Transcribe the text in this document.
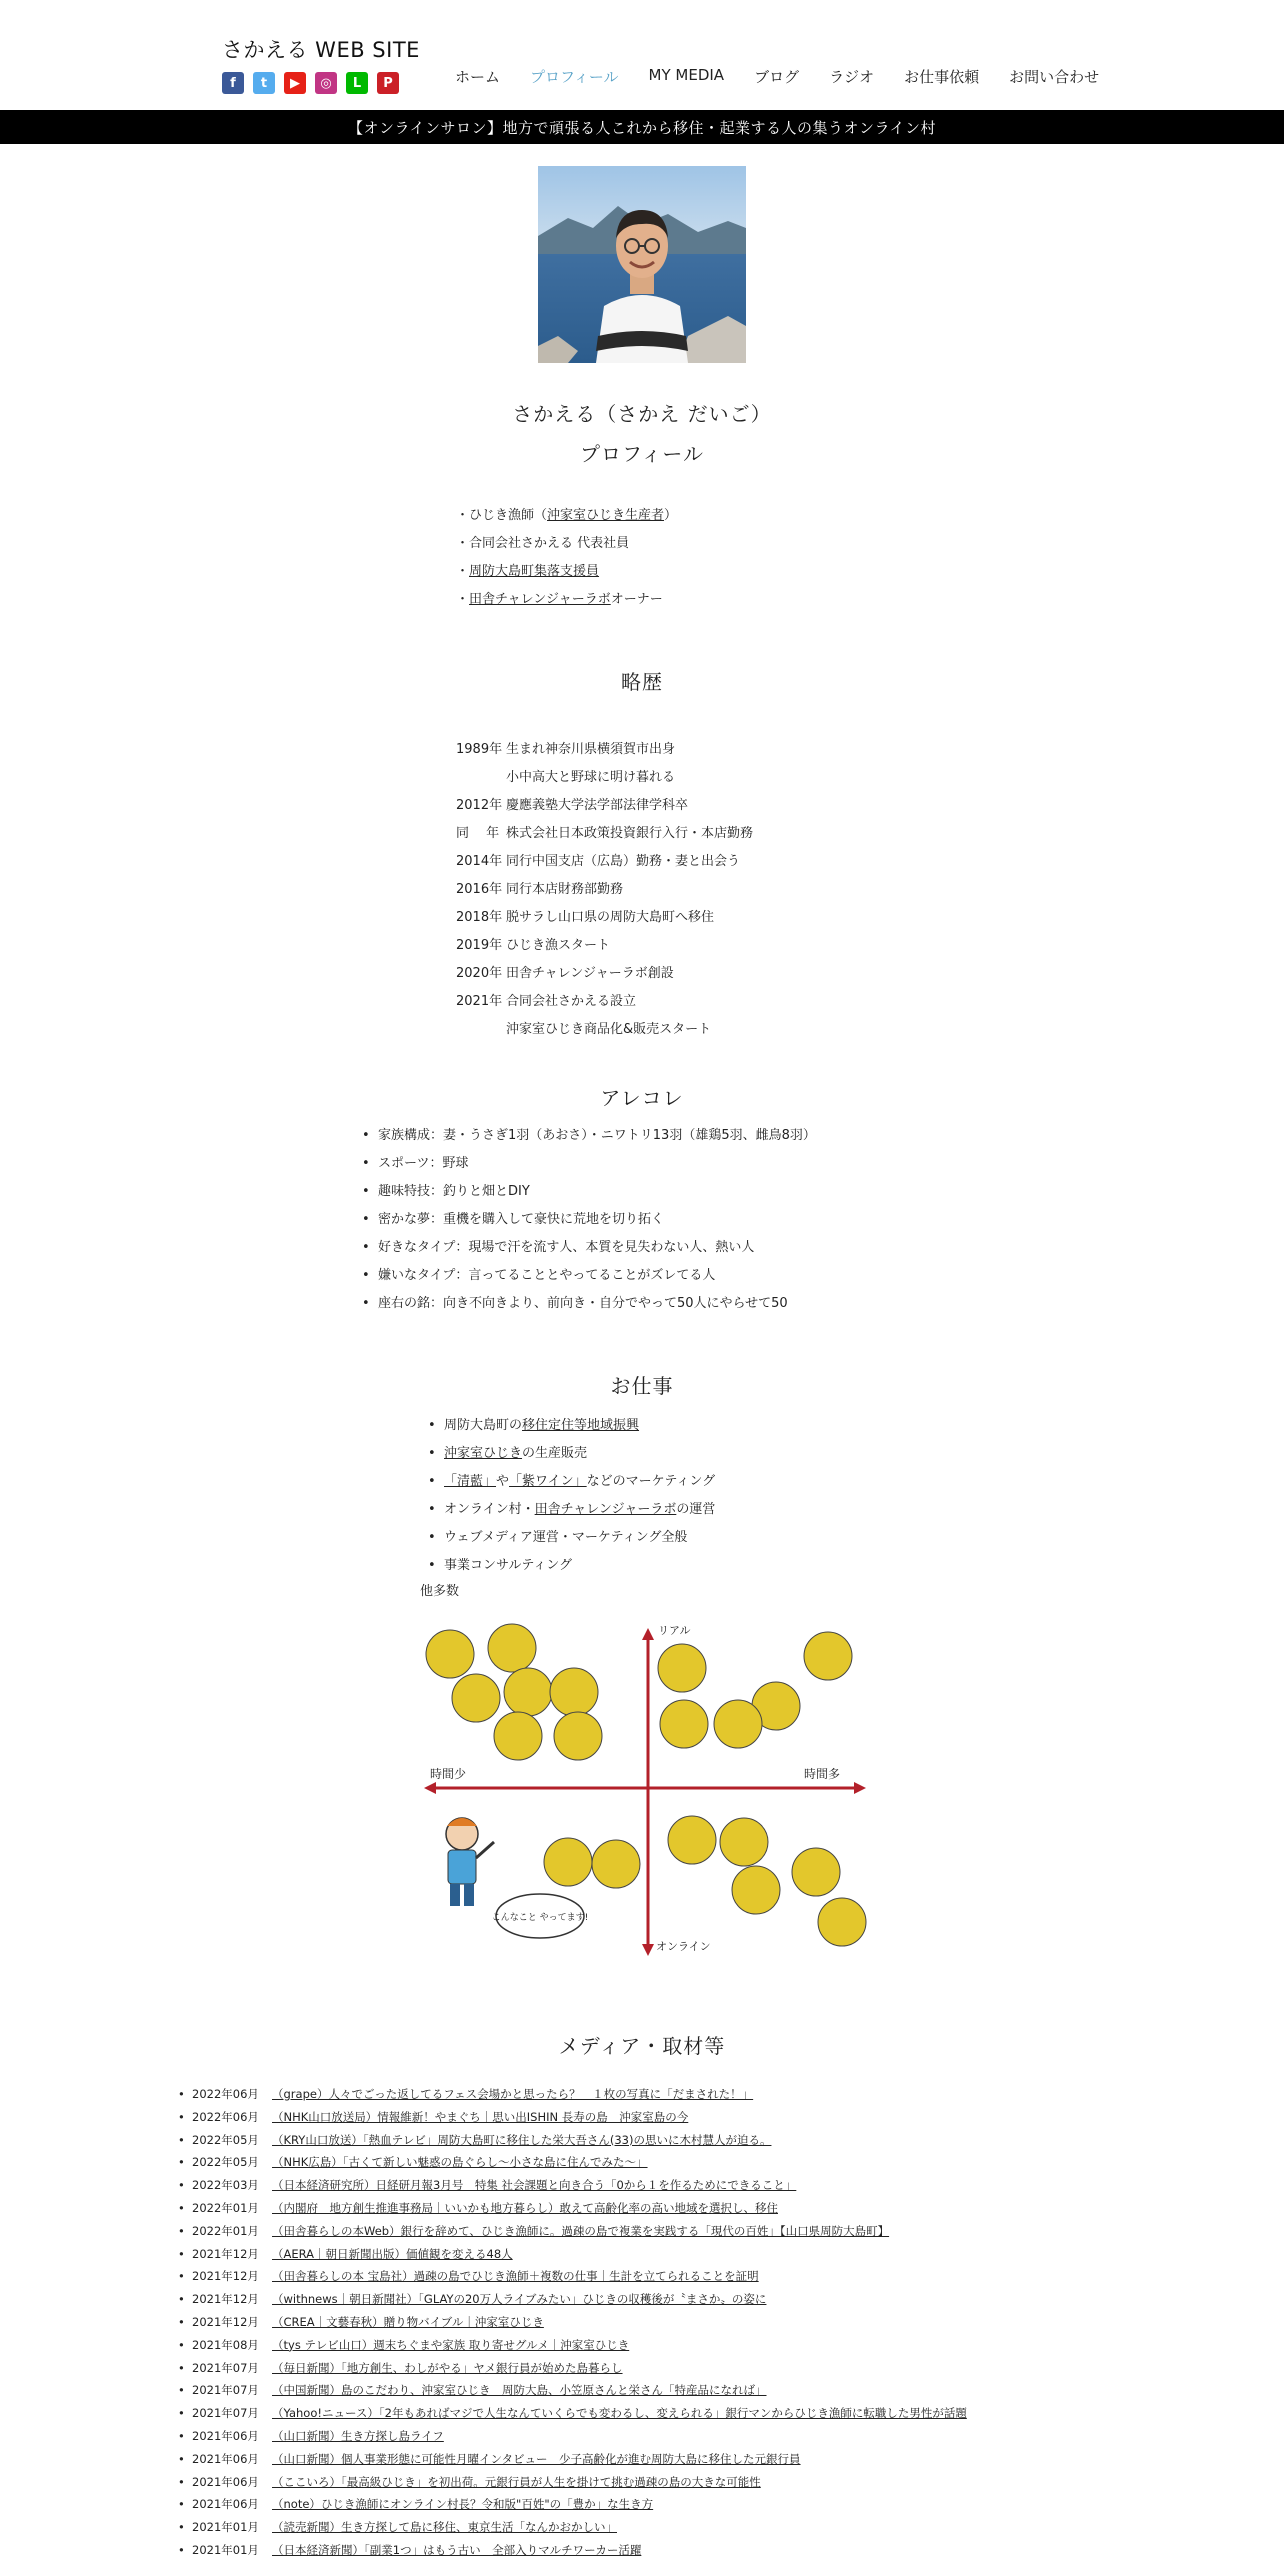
さかえる WEB SITE
f	t	▶	◎	L	P	ホーム プロフィール MY MEDIA ブログ ラジオ お仕事依頼 お問い合わせ
【オンラインサロン】地方で頑張る人これから移住・起業する人の集うオンライン村
さかえる（さかえ だいご）
プロフィール
・ひじき漁師（沖家室ひじき生産者）
・合同会社さかえる 代表社員
・周防大島町集落支援員
・田舎チャレンジャーラボオーナー
略歴
1989年 生まれ神奈川県横須賀市出身
小中高大と野球に明け暮れる
2012年 慶應義塾大学法学部法律学科卒
同　 年 株式会社日本政策投資銀行入行・本店勤務
2014年 同行中国支店（広島）勤務・妻と出会う
2016年 同行本店財務部勤務
2018年 脱サラし山口県の周防大島町へ移住
2019年 ひじき漁スタート
2020年 田舎チャレンジャーラボ創設
2021年 合同会社さかえる設立
沖家室ひじき商品化&販売スタート
アレコレ
• 家族構成：妻・うさぎ1羽（あおさ）・ニワトリ13羽（雄鶏5羽、雌鳥8羽）
• スポーツ：野球
• 趣味特技：釣りと畑とDIY
• 密かな夢：重機を購入して豪快に荒地を切り拓く
• 好きなタイプ：現場で汗を流す人、本質を見失わない人、熱い人
• 嫌いなタイプ：言ってることとやってることがズレてる人
• 座右の銘：向き不向きより、前向き・自分でやって50人にやらせて50
お仕事
• 周防大島町の移住定住等地域振興
• 沖家室ひじきの生産販売
• 「清藍」や「紫ワイン」などのマーケティング
• オンライン村・田舎チャレンジャーラボの運営
• ウェブメディア運営・マーケティング全般
• 事業コンサルティング
他多数
リアル
オンライン
時間少	時間多
こんなこと やってます!
メディア・取材等
• 2022年06月 （grape）人々でごった返してるフェス会場かと思ったら？　１枚の写真に「だまされた！」
• 2022年06月 （NHK山口放送局）情報維新！やまぐち｜思い出ISHIN 長寿の島　沖家室島の今
• 2022年05月 （KRY山口放送）「熱血テレビ」周防大島町に移住した栄大吾さん(33)の思いに木村慧人が迫る。
• 2022年05月 （NHK広島）「古くて新しい魅惑の島ぐらし〜小さな島に住んでみた〜」
• 2022年03月 （日本経済研究所）日経研月報3月号　特集 社会課題と向き合う「0から１を作るためにできること」
• 2022年01月 （内閣府　地方創生推進事務局｜いいかも地方暮らし）敢えて高齢化率の高い地域を選択し、移住
• 2022年01月 （田舎暮らしの本Web）銀行を辞めて、ひじき漁師に。過疎の島で複業を実践する「現代の百姓」【山口県周防大島町】
• 2021年12月 （AERA｜朝日新聞出版）価値観を変える48人
• 2021年12月 （田舎暮らしの本 宝島社）過疎の島でひじき漁師＋複数の仕事｜生計を立てられることを証明
• 2021年12月 （withnews｜朝日新聞社）「GLAYの20万人ライブみたい」ひじきの収穫後が〝まさか〟の姿に
• 2021年12月 （CREA｜文藝春秋）贈り物バイブル｜沖家室ひじき
• 2021年08月 （tys テレビ山口）週末ちぐまや家族 取り寄せグルメ｜沖家室ひじき
• 2021年07月 （毎日新聞）「地方創生、わしがやる」ヤメ銀行員が始めた島暮らし
• 2021年07月 （中国新聞）島のこだわり、沖家室ひじき　周防大島、小笠原さんと栄さん「特産品になれば」
• 2021年07月 （Yahoo!ニュース）「2年もあればマジで人生なんていくらでも変わるし、変えられる」銀行マンからひじき漁師に転職した男性が話題
• 2021年06月 （山口新聞）生き方探し島ライフ
• 2021年06月 （山口新聞）個人事業形態に可能性月曜インタビュー　少子高齢化が進む周防大島に移住した元銀行員
• 2021年06月 （ここいろ）「最高級ひじき」を初出荷。元銀行員が人生を掛けて挑む過疎の島の大きな可能性
• 2021年06月 （note）ひじき漁師にオンライン村長？令和版"百姓"の「豊か」な生き方
• 2021年01月 （読売新聞）生き方探して島に移住、東京生活「なんかおかしい」
• 2021年01月 （日本経済新聞）「副業1つ」はもう古い　全部入りマルチワーカー活躍
